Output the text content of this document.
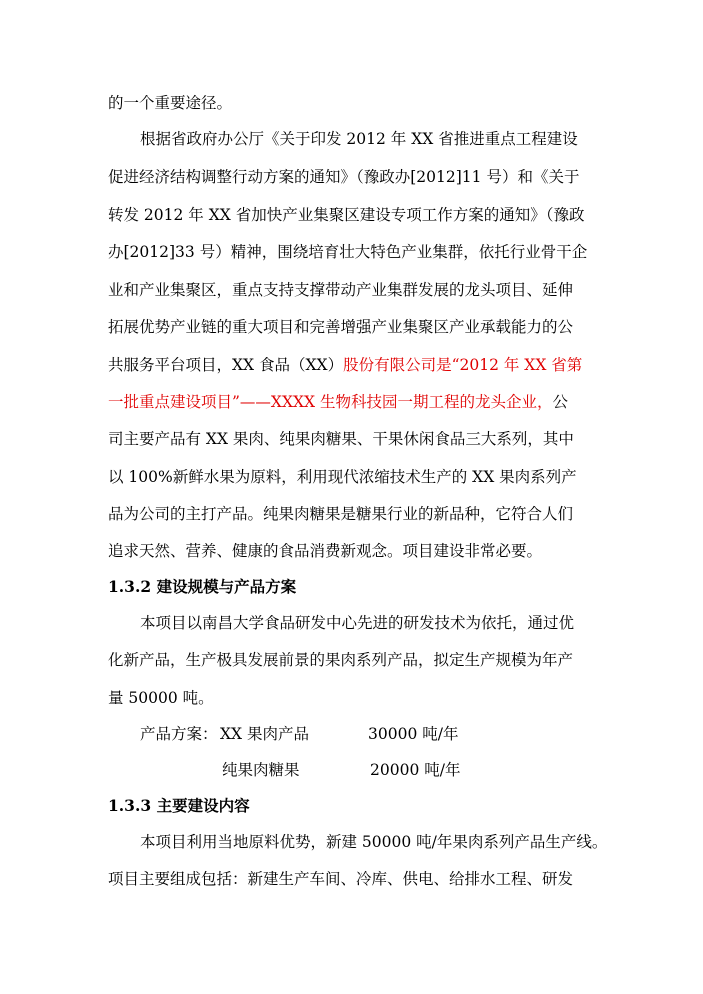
的一个重要途径。
根据省政府办公厅《关于印发 2012 年 XX 省推进重点工程建设
促进经济结构调整行动方案的通知》（豫政办[2012]11 号）和《关于
转发 2012 年 XX 省加快产业集聚区建设专项工作方案的通知》（豫政
办[2012]33 号）精神，围绕培育壮大特色产业集群，依托行业骨干企
业和产业集聚区，重点支持支撑带动产业集群发展的龙头项目、延伸
拓展优势产业链的重大项目和完善增强产业集聚区产业承载能力的公
共服务平台项目，XX 食品（XX）股份有限公司是“2012 年 XX 省第
一批重点建设项目”——XXXX 生物科技园一期工程的龙头企业，公
司主要产品有 XX 果肉、纯果肉糖果、干果休闲食品三大系列，其中
以 100%新鲜水果为原料，利用现代浓缩技术生产的 XX 果肉系列产
品为公司的主打产品。纯果肉糖果是糖果行业的新品种，它符合人们
追求天然、营养、健康的食品消费新观念。项目建设非常必要。
1.3.2 建设规模与产品方案
本项目以南昌大学食品研发中心先进的研发技术为依托，通过优
化新产品，生产极具发展前景的果肉系列产品，拟定生产规模为年产
量 50000 吨。
产品方案： XX 果肉产品	30000 吨/年
纯果肉糖果	20000 吨/年
1.3.3 主要建设内容
本项目利用当地原料优势，新建 50000 吨/年果肉系列产品生产线。
项目主要组成包括：新建生产车间、冷库、供电、给排水工程、研发
